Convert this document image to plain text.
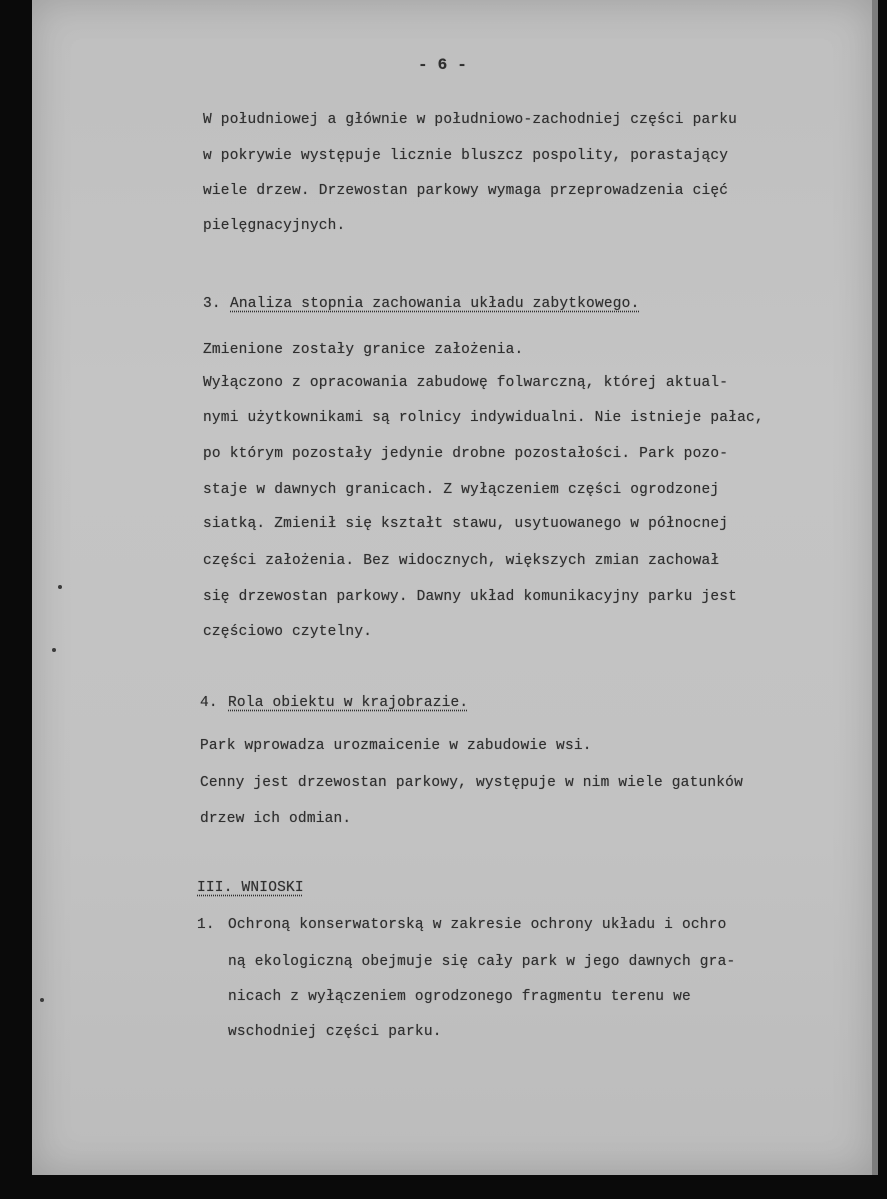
- 6 -
W południowej a głównie w południowo-zachodniej części parku
w pokrywie występuje licznie bluszcz pospolity, porastający
wiele drzew. Drzewostan parkowy wymaga przeprowadzenia cięć
pielęgnacyjnych.
3. Analiza stopnia zachowania układu zabytkowego.
Zmienione zostały granice założenia.
Wyłączono z opracowania zabudowę folwarczną, której aktual-
nymi użytkownikami są rolnicy indywidualni. Nie istnieje pałac,
po którym pozostały jedynie drobne pozostałości. Park pozo-
staje w dawnych granicach. Z wyłączeniem części ogrodzonej
siatką. Zmienił się kształt stawu, usytuowanego w północnej
części założenia. Bez widocznych, większych zmian zachował
się drzewostan parkowy. Dawny układ komunikacyjny parku jest
częściowo czytelny.
4. Rola obiektu w krajobrazie.
Park wprowadza urozmaicenie w zabudowie wsi.
Cenny jest drzewostan parkowy, występuje w nim wiele gatunków
drzew ich odmian.
III. WNIOSKI
1. Ochroną konserwatorską w zakresie ochrony układu i ochro
ną ekologiczną obejmuje się cały park w jego dawnych gra-
nicach z wyłączeniem ogrodzonego fragmentu terenu we
wschodniej części parku.
